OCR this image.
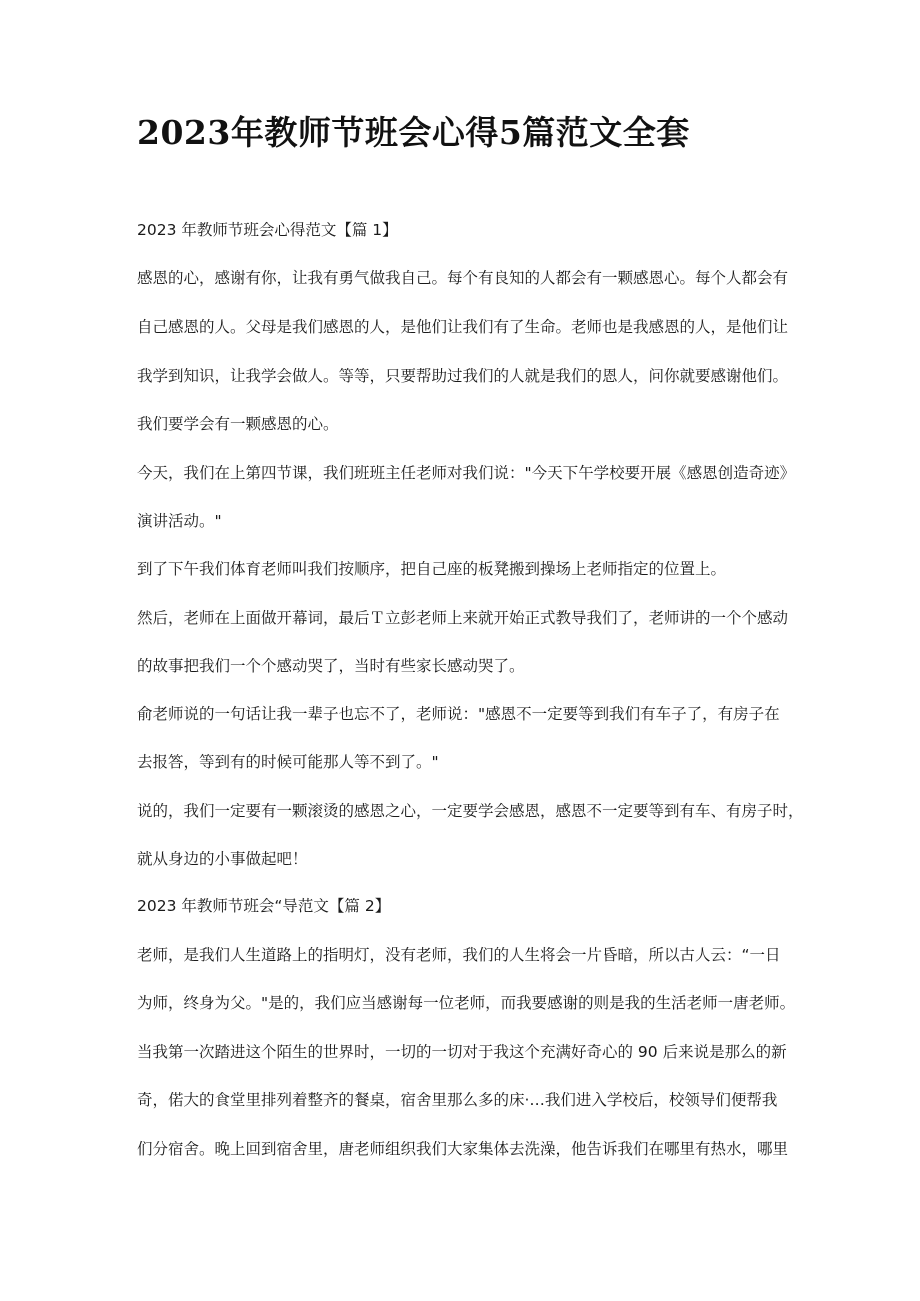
2023年教师节班会心得5篇范文全套

2023 年教师节班会心得范文【篇 1】

感恩的心，感谢有你，让我有勇气做我自己。每个有良知的人都会有一颗感恩心。每个人都会有

自己感恩的人。父母是我们感恩的人，是他们让我们有了生命。老师也是我感恩的人，是他们让

我学到知识，让我学会做人。等等，只要帮助过我们的人就是我们的恩人，问你就要感谢他们。

我们要学会有一颗感恩的心。

今天，我们在上第四节课，我们班班主任老师对我们说："今天下午学校要开展《感恩创造奇迹》

演讲活动。"

到了下午我们体育老师叫我们按顺序，把自己座的板凳搬到操场上老师指定的位置上。

然后，老师在上面做开幕词，最后Ｔ立彭老师上来就开始正式教导我们了，老师讲的一个个感动

的故事把我们一个个感动哭了，当时有些家长感动哭了。

俞老师说的一句话让我一辈子也忘不了，老师说："感恩不一定要等到我们有车子了，有房子在

去报答，等到有的时候可能那人等不到了。"

说的，我们一定要有一颗滚烫的感恩之心，一定要学会感恩，感恩不一定要等到有车、有房子时，

就从身边的小事做起吧！

2023 年教师节班会“导范文【篇 2】

老师，是我们人生道路上的指明灯，没有老师，我们的人生将会一片昏暗，所以古人云：“一日

为师，终身为父。"是的，我们应当感谢每一位老师，而我要感谢的则是我的生活老师一唐老师。

当我第一次踏进这个陌生的世界时，一切的一切对于我这个充满好奇心的 90 后来说是那么的新

奇，偌大的食堂里排列着整齐的餐桌，宿舍里那么多的床·…我们进入学校后，校领导们便帮我

们分宿舍。晚上回到宿舍里，唐老师组织我们大家集体去洗澡，他告诉我们在哪里有热水，哪里
